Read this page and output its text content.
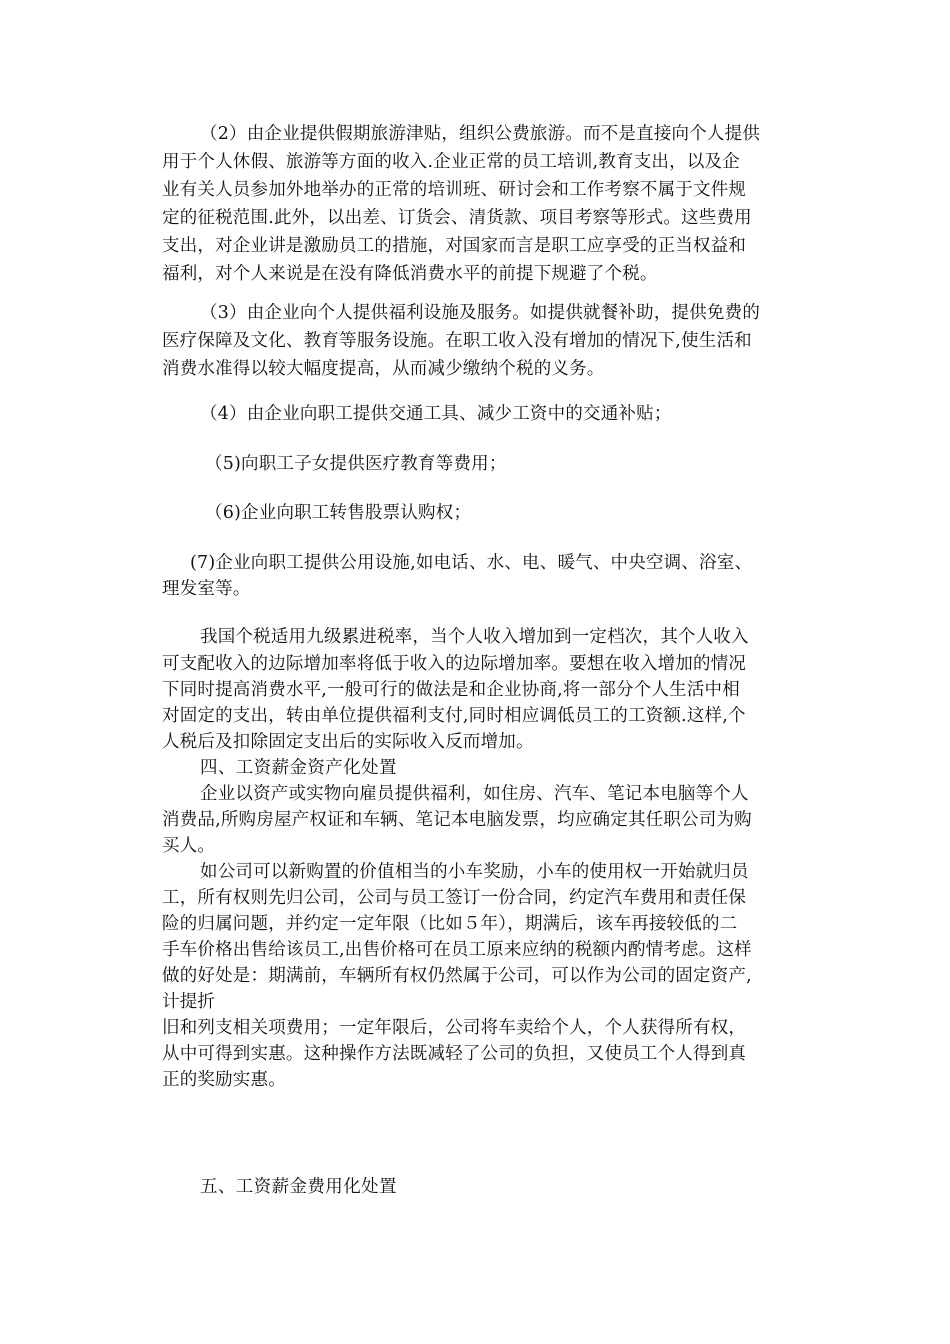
（2）由企业提供假期旅游津贴，组织公费旅游。而不是直接向个人提供
用于个人休假、旅游等方面的收入.企业正常的员工培训,教育支出，以及企
业有关人员参加外地举办的正常的培训班、研讨会和工作考察不属于文件规
定的征税范围.此外，以出差、订货会、清货款、项目考察等形式。这些费用
支出，对企业讲是激励员工的措施，对国家而言是职工应享受的正当权益和
福利，对个人来说是在没有降低消费水平的前提下规避了个税。
（3）由企业向个人提供福利设施及服务。如提供就餐补助，提供免费的
医疗保障及文化、教育等服务设施。在职工收入没有增加的情况下,使生活和
消费水准得以较大幅度提高，从而减少缴纳个税的义务。
（4）由企业向职工提供交通工具、减少工资中的交通补贴；
（5)向职工子女提供医疗教育等费用；
（6)企业向职工转售股票认购权；
(7)企业向职工提供公用设施,如电话、水、电、暖气、中央空调、浴室、
理发室等。
我国个税适用九级累进税率，当个人收入增加到一定档次，其个人收入
可支配收入的边际增加率将低于收入的边际增加率。要想在收入增加的情况
下同时提高消费水平,一般可行的做法是和企业协商,将一部分个人生活中相
对固定的支出，转由单位提供福利支付,同时相应调低员工的工资额.这样,个
人税后及扣除固定支出后的实际收入反而增加。
四、工资薪金资产化处置
企业以资产或实物向雇员提供福利，如住房、汽车、笔记本电脑等个人
消费品,所购房屋产权证和车辆、笔记本电脑发票，均应确定其任职公司为购
买人。
如公司可以新购置的价值相当的小车奖励，小车的使用权一开始就归员
工，所有权则先归公司，公司与员工签订一份合同，约定汽车费用和责任保
险的归属问题，并约定一定年限（比如５年），期满后，该车再接较低的二
手车价格出售给该员工,出售价格可在员工原来应纳的税额内酌情考虑。这样
做的好处是：期满前，车辆所有权仍然属于公司，可以作为公司的固定资产,
计提折
旧和列支相关项费用；一定年限后，公司将车卖给个人，个人获得所有权，
从中可得到实惠。这种操作方法既减轻了公司的负担，又使员工个人得到真
正的奖励实惠。
五、工资薪金费用化处置
